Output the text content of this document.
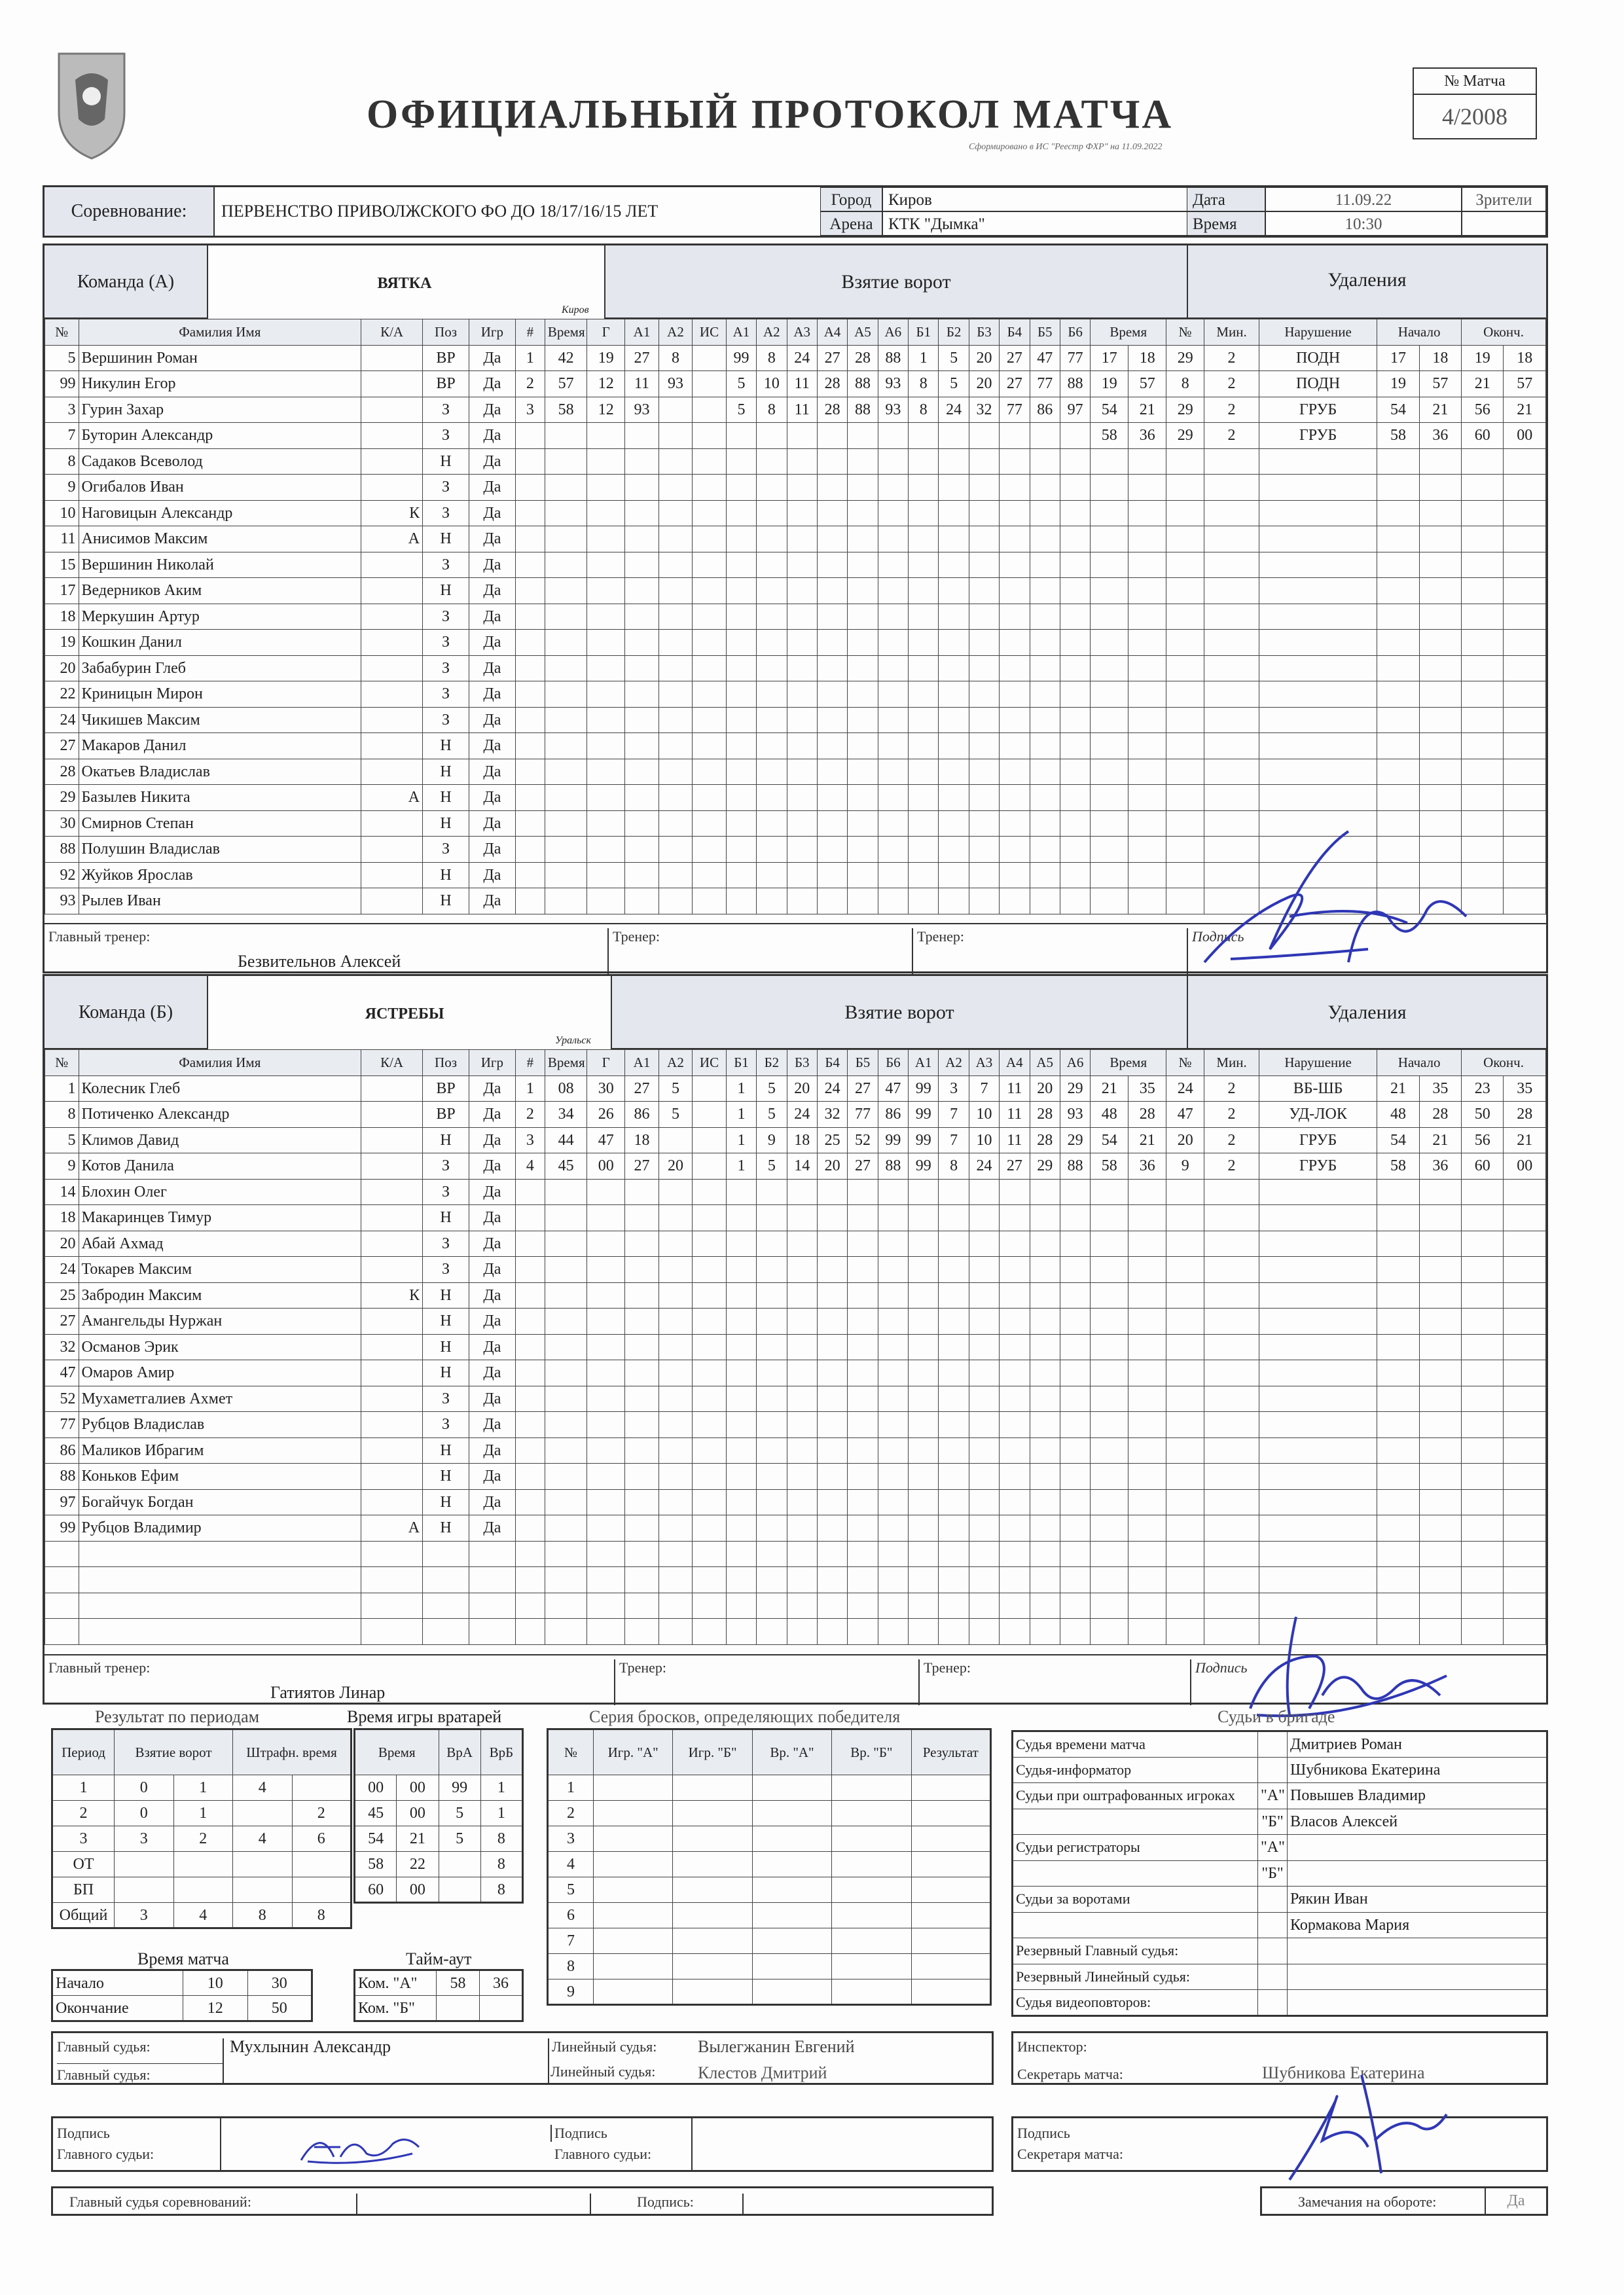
ОФИЦИАЛЬНЫЙ ПРОТОКОЛ МАТЧА
Сформировано в ИС "Реестр ФХР" на 11.09.2022
№ Матча
4/2008
Соревнование:	ПЕРВЕНСТВО ПРИВОЛЖСКОГО ФО ДО 18/17/16/15 ЛЕТ
Город	Киров
Арена КТК "Дымка"
Дата	11.09.22
Время	10:30
Зрители
Команда (А)	ВЯТКА
Киров
Взятие ворот	Удаления
№	Фамилия Имя	К/А	Поз	Игр	#	Время	Г	А1	А2	ИС	А1	А2	А3	А4	А5	А6	Б1	Б2	Б3	Б4	Б5	Б6	Время		№	Мин.	Нарушение	Начало		Оконч.	
5	Вершинин Роман		ВР	Да	1	42	19	27	8		99	8	24	27	28	88	1	5	20	27	47	77	17	18	29	2	ПОДН	17	18	19	18
99	Никулин Егор		ВР	Да	2	57	12	11	93		5	10	11	28	88	93	8	5	20	27	77	88	19	57	8	2	ПОДН	19	57	21	57
3	Гурин Захар		З	Да	3	58	12	93			5	8	11	28	88	93	8	24	32	77	86	97	54	21	29	2	ГРУБ	54	21	56	21
7	Буторин Александр		З	Да																			58	36	29	2	ГРУБ	58	36	60	00
8	Садаков Всеволод		Н	Да																											
9	Огибалов Иван		З	Да																											
10	Наговицын Александр	К	З	Да																											
11	Анисимов Максим	А	Н	Да																											
15	Вершинин Николай		З	Да																											
17	Ведерников Аким		Н	Да																											
18	Меркушин Артур		З	Да																											
19	Кошкин Данил		З	Да																											
20	Забабурин Глеб		З	Да																											
22	Криницын Мирон		З	Да																											
24	Чикишев Максим		З	Да																											
27	Макаров Данил		Н	Да																											
28	Окатьев Владислав		Н	Да																											
29	Базылев Никита	А	Н	Да																											
30	Смирнов Степан		Н	Да																											
88	Полушин Владислав		З	Да																											
92	Жуйков Ярослав		Н	Да																											
93	Рылев Иван		Н	Да																											
Главный тренер:
Безвительнов Алексей
Тренер:	Тренер:	Подпись
Команда (Б)	ЯСТРЕБЫ
Уральск
Взятие ворот	Удаления
№	Фамилия Имя	К/А	Поз	Игр	#	Время	Г	А1	А2	ИС	Б1	Б2	Б3	Б4	Б5	Б6	А1	А2	А3	А4	А5	А6	Время		№	Мин.	Нарушение	Начало		Оконч.	
1	Колесник Глеб		ВР	Да	1	08	30	27	5		1	5	20	24	27	47	99	3	7	11	20	29	21	35	24	2	ВБ-ШБ	21	35	23	35
8	Потиченко Александр		ВР	Да	2	34	26	86	5		1	5	24	32	77	86	99	7	10	11	28	93	48	28	47	2	УД-ЛОК	48	28	50	28
5	Климов Давид		Н	Да	3	44	47	18			1	9	18	25	52	99	99	7	10	11	28	29	54	21	20	2	ГРУБ	54	21	56	21
9	Котов Данила		З	Да	4	45	00	27	20		1	5	14	20	27	88	99	8	24	27	29	88	58	36	9	2	ГРУБ	58	36	60	00
14	Блохин Олег		З	Да																											
18	Макаринцев Тимур		Н	Да																											
20	Абай Ахмад		З	Да																											
24	Токарев Максим		З	Да																											
25	Забродин Максим	К	Н	Да																											
27	Амангельды Нуржан		Н	Да																											
32	Османов Эрик		Н	Да																											
47	Омаров Амир		Н	Да																											
52	Мухаметгалиев Ахмет		З	Да																											
77	Рубцов Владислав		З	Да																											
86	Маликов Ибрагим		Н	Да																											
88	Коньков Ефим		Н	Да																											
97	Богайчук Богдан		Н	Да																											
99	Рубцов Владимир	А	Н	Да																											

Главный тренер:
Гатиятов Линар
Тренер:	Тренер:	Подпись
Результат по периодам
Период	Взятие ворот		Штрафн. время	
1	0	1	4	
2	0	1		2
3	3	2	4	6
ОТ				
БП				
Общий	3	4	8	8
Время матча
Начало	10	30
Окончание	12	50
Время игры вратарей
Время		ВрА	ВрБ
00	00	99	1
45	00	5	1
54	21	5	8
58	22		8
60	00		8
Тайм-аут
Ком. "А"	58	36
Ком. "Б"		
Серия бросков, определяющих победителя
№	Игр. "А"	Игр. "Б"	Вр. "А"	Вр. "Б"	Результат
1					
2					
3					
4					
5					
6					
7					
8					
9					
Судьи в бригаде
Судья времени матча		Дмитриев Роман
Судья-информатор		Шубникова Екатерина
Судьи при оштрафованных игроках	"А"	Повышев Владимир
	"Б"	Власов Алексей
Судьи регистраторы	"А"	
	"Б"	
Судьи за воротами		Рякин Иван
		Кормакова Мария
Резервный Главный судья:		
Резервный Линейный судья:		
Судья видеоповторов:		
Главный судья:	Мухлынин Александр
Главный судья:
Линейный судья: Вылегжанин Евгений
Линейный судья: Клестов Дмитрий
Инспектор:
Секретарь матча:	Шубникова Екатерина
Подпись
Главного судьи:
Подпись
Главного судьи:
Подпись
Секретаря матча:
Главный судья соревнований:	Подпись:	Замечания на обороте:	Да
